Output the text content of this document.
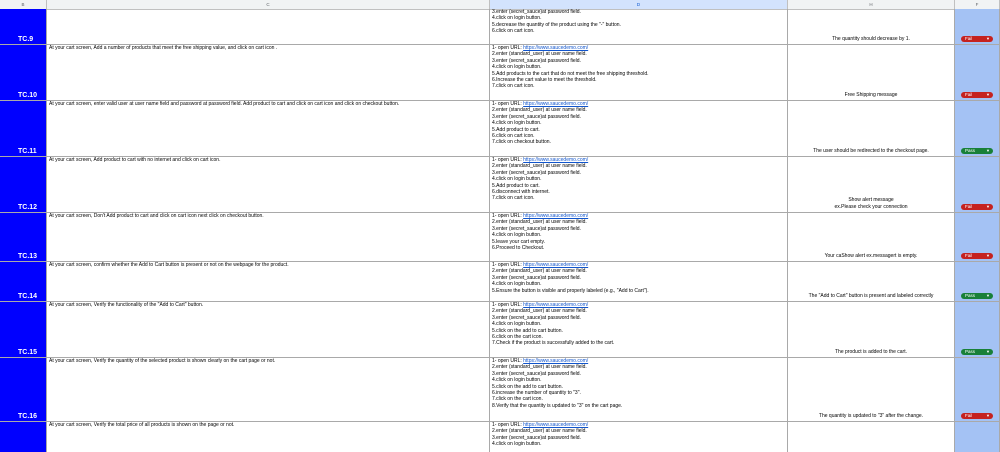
B	C	D	H	F
TC.9
3.enter (secret_sauce)at password field.
4.click on login button.
5.decrease the quantity of the product using the "-" button.
6.click on cart icon.
The quantity should decrease by 1.	Fail	▼
TC.10
At your cart screen, Add a number of products that meet the free shipping value, and click on cart icon .	1- open URL: https://www.saucedemo.com/
2.enter (standard_user) at user name field.
3.enter (secret_sauce)at password field.
4.click on login button.
5.Add products to the cart that do not meet the free shipping threshold.
6.Increase the cart value to meet the threshold.
7.click on cart icon.
Free Shipping message	Fail	▼
TC.11
At your cart screen, enter valid user at user name field and password at password field. Add product to cart and click on cart icon and click on checkout button.	1- open URL: https://www.saucedemo.com/
2.enter (standard_user) at user name field.
3.enter (secret_sauce)at password field.
4.click on login button.
5.Add product to cart.
6.click on cart icon.
7.click on checkout button.
The user should be redirected to the checkout page.	Pass	▼
TC.12
At your cart screen, Add product to cart with no internet and click on cart icon.	1- open URL: https://www.saucedemo.com/
2.enter (standard_user) at user name field.
3.enter (secret_sauce)at password field.
4.click on login button.
5.Add product to cart.
6.disconnect with internet.
7.click on cart icon.	Show alert message
ex.Please check your connection	Fail	▼
TC.13
At your cart screen, Don't Add product to cart and click on cart icon next click on checkout button.	1- open URL: https://www.saucedemo.com/
2.enter (standard_user) at user name field.
3.enter (secret_sauce)at password field.
4.click on login button.
5.leave your cart empty.
6.Proceed to Checkout.
Your caShow alert ex.messagert is empty.	Fail	▼
TC.14
At your cart screen, confirm whether the Add to Cart button is present or not on the webpage for the product.	1- open URL: https://www.saucedemo.com/
2.enter (standard_user) at user name field.
3.enter (secret_sauce)at password field.
4.click on login button.
5.Ensure the button is visible and properly labeled (e.g., "Add to Cart").
The "Add to Cart" button is present and labeled correctly	Pass	▼
TC.15
At your cart screen, Verify the functionality of the "Add to Cart" button.	1- open URL: https://www.saucedemo.com/
2.enter (standard_user) at user name field.
3.enter (secret_sauce)at password field.
4.click on login button.
5.click on the add to cart button.
6.click on the cart icon.
7.Check if the product is successfully added to the cart.
The product is added to the cart.	Pass	▼
TC.16
At your cart screen, Verify the quantity of the selected product is shown clearly on the cart page or not.	1- open URL: https://www.saucedemo.com/
2.enter (standard_user) at user name field.
3.enter (secret_sauce)at password field.
4.click on login button.
5.click on the add to cart button.
6.increase the number of quantity to "3".
7.click on the cart icon.
8.Verify that the quantity is updated to "3" on the cart page.
The quantity is updated to "3" after the change.	Fail	▼
At your cart screen, Verify the total price of all products is shown on the page or not.	1- open URL: https://www.saucedemo.com/
2.enter (standard_user) at user name field.
3.enter (secret_sauce)at password field.
4.click on login button.
